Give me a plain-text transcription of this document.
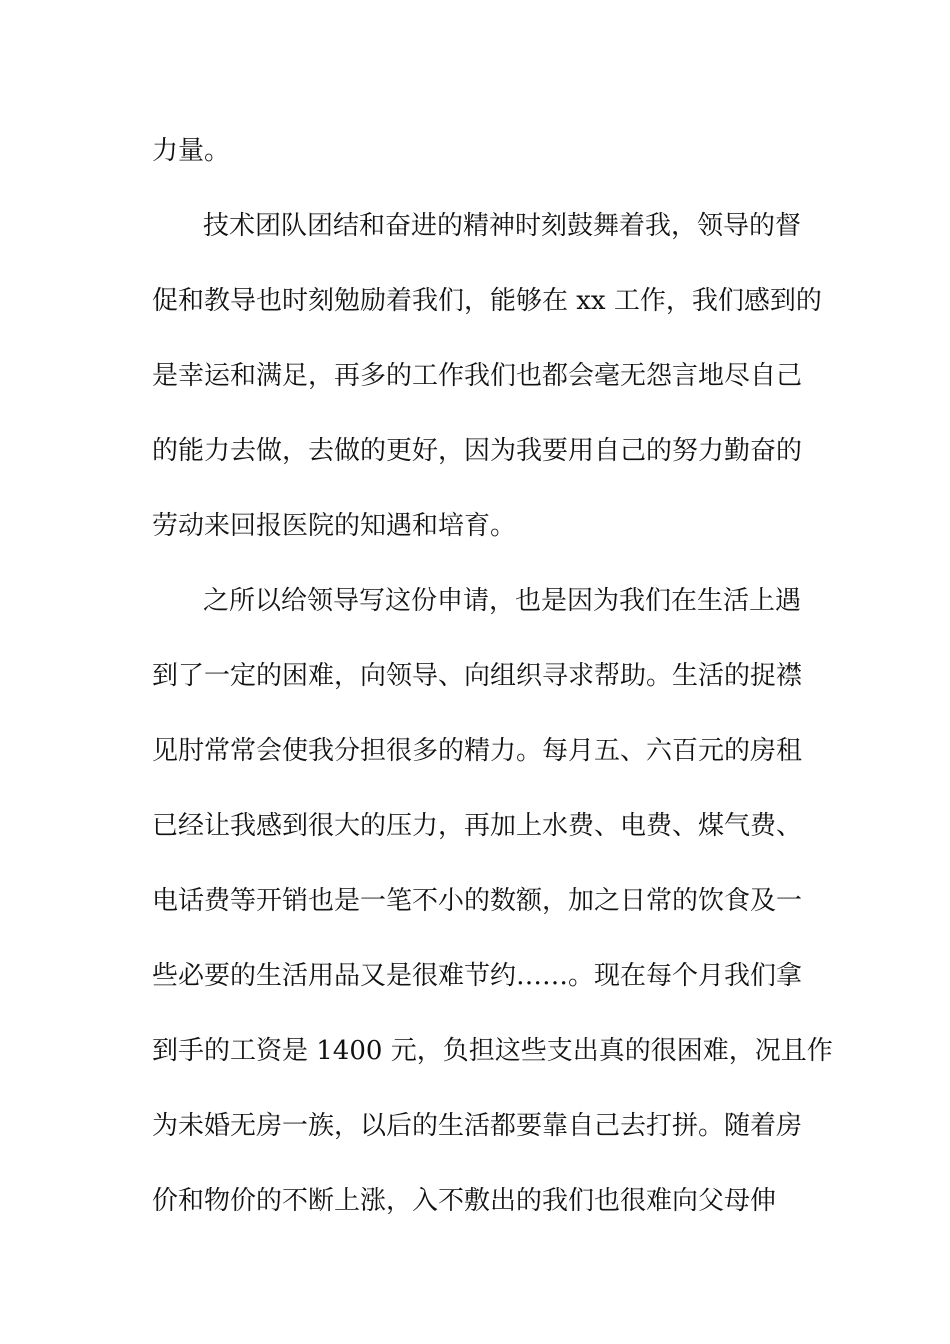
力量。
技术团队团结和奋进的精神时刻鼓舞着我，领导的督
促和教导也时刻勉励着我们，能够在 xx 工作，我们感到的
是幸运和满足，再多的工作我们也都会毫无怨言地尽自己
的能力去做，去做的更好，因为我要用自己的努力勤奋的
劳动来回报医院的知遇和培育。
之所以给领导写这份申请，也是因为我们在生活上遇
到了一定的困难，向领导、向组织寻求帮助。生活的捉襟
见肘常常会使我分担很多的精力。每月五、六百元的房租
已经让我感到很大的压力，再加上水费、电费、煤气费、
电话费等开销也是一笔不小的数额，加之日常的饮食及一
些必要的生活用品又是很难节约……。现在每个月我们拿
到手的工资是 1400 元，负担这些支出真的很困难，况且作
为未婚无房一族，以后的生活都要靠自己去打拼。随着房
价和物价的不断上涨，入不敷出的我们也很难向父母伸
